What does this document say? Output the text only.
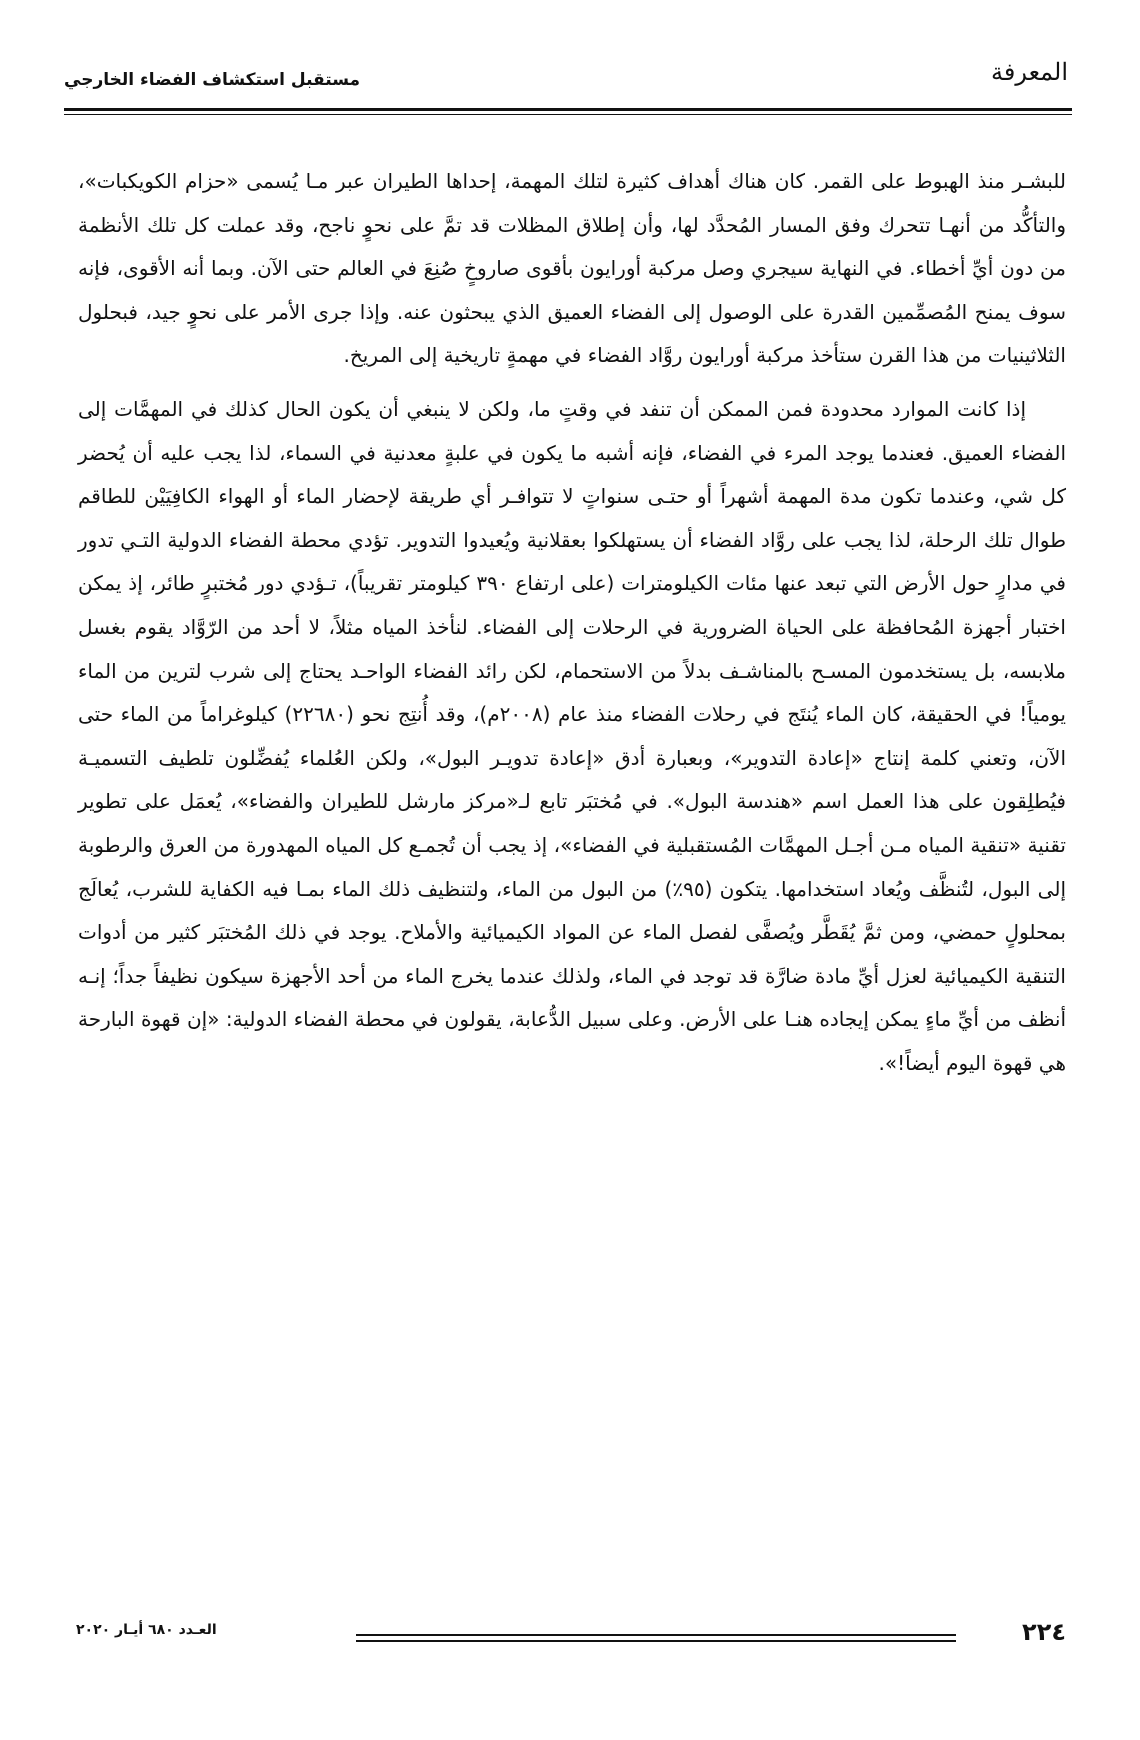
المعرفة
مستقبل استكشاف الفضاء الخارجي

للبشـر منذ الهبوط على القمر. كان هناك أهداف كثيرة لتلك المهمة، إحداها الطيران عبر مـا يُسمى «حزام الكويكبات»، والتأكُّد من أنهـا تتحرك وفق المسار المُحدَّد لها، وأن إطلاق المظلات قد تمَّ على نحوٍ ناجح، وقد عملت كل تلك الأنظمة من دون أيِّ أخطاء. في النهاية سيجري وصل مركبة أورايون بأقوى صاروخٍ صُنِعَ في العالم حتى الآن. وبما أنه الأقوى، فإنه سوف يمنح المُصمِّمين القدرة على الوصول إلى الفضاء العميق الذي يبحثون عنه. وإذا جرى الأمر على نحوٍ جيد، فبحلول الثلاثينيات من هذا القرن ستأخذ مركبة أورايون روَّاد الفضاء في مهمةٍ تاريخية إلى المريخ.

إذا كانت الموارد محدودة فمن الممكن أن تنفد في وقتٍ ما، ولكن لا ينبغي أن يكون الحال كذلك في المهمَّات إلى الفضاء العميق. فعندما يوجد المرء في الفضاء، فإنه أشبه ما يكون في علبةٍ معدنية في السماء، لذا يجب عليه أن يُحضر كل شي، وعندما تكون مدة المهمة أشهراً أو حتـى سنواتٍ لا تتوافـر أي طريقة لإحضار الماء أو الهواء الكافِيَيْن للطاقم طوال تلك الرحلة، لذا يجب على روَّاد الفضاء أن يستهلكوا بعقلانية ويُعيدوا التدوير. تؤدي محطة الفضاء الدولية التـي تدور في مدارٍ حول الأرض التي تبعد عنها مئات الكيلومترات (على ارتفاع ٣٩٠ كيلومتر تقريباً)، تـؤدي دور مُختبرٍ طائر، إذ يمكن اختبار أجهزة المُحافظة على الحياة الضرورية في الرحلات إلى الفضاء. لنأخذ المياه مثلاً، لا أحد من الرّوَّاد يقوم بغسل ملابسه، بل يستخدمون المسـح بالمناشـف بدلاً من الاستحمام، لكن رائد الفضاء الواحـد يحتاج إلى شرب لترين من الماء يومياً! في الحقيقة، كان الماء يُنتَج في رحلات الفضاء منذ عام (٢٠٠٨م)، وقد أُنتِج نحو (٢٢٦٨٠) كيلوغراماً من الماء حتى الآن، وتعني كلمة إنتاج «إعادة التدوير»، وبعبارة أدق «إعادة تدويـر البول»، ولكن العُلماء يُفضِّلون تلطيف التسميـة فيُطلِقون على هذا العمل اسم «هندسة البول». في مُختبَر تابع لـ«مركز مارشل للطيران والفضاء»، يُعمَل على تطوير تقنية «تنقية المياه مـن أجـل المهمَّات المُستقبلية في الفضاء»، إذ يجب أن تُجمـع كل المياه المهدورة من العرق والرطوبة إلى البول، لتُنظَّف ويُعاد استخدامها. يتكون (٩٥٪) من البول من الماء، ولتنظيف ذلك الماء بمـا فيه الكفاية للشرب، يُعالَج بمحلولٍ حمضي، ومن ثمَّ يُقَطَّر ويُصفَّى لفصل الماء عن المواد الكيميائية والأملاح. يوجد في ذلك المُختبَر كثير من أدوات التنقية الكيميائية لعزل أيِّ مادة ضارَّة قد توجد في الماء، ولذلك عندما يخرج الماء من أحد الأجهزة سيكون نظيفاً جداً؛ إنـه أنظف من أيِّ ماءٍ يمكن إيجاده هنـا على الأرض. وعلى سبيل الدُّعابة، يقولون في محطة الفضاء الدولية: «إن قهوة البارحة هي قهوة اليوم أيضاً!».

٢٢٤
العـدد ٦٨٠ أيـار ٢٠٢٠
